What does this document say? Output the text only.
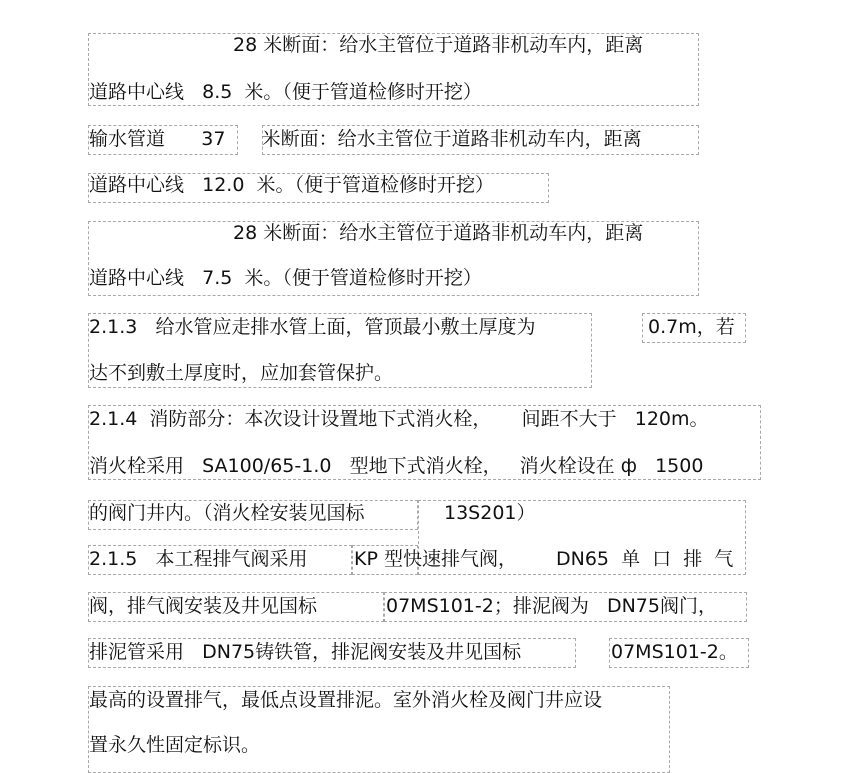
28 米断面：给水主管位于道路非机动车内，距离
道路中心线   8.5  米。（便于管道检修时开挖）
输水管道      37      米断面：给水主管位于道路非机动车内，距离
道路中心线   12.0  米。（便于管道检修时开挖）
28 米断面：给水主管位于道路非机动车内，距离
道路中心线   7.5  米。（便于管道检修时开挖）
2.1.3   给水管应走排水管上面，管顶最小敷土厚度为	0.7m，若
达不到敷土厚度时，应加套管保护。
2.1.4  消防部分：本次设计设置地下式消火栓，     间距不大于   120m。
消火栓采用   SA100/65-1.0   型地下式消火栓，   消火栓设在 ф   1500
的阀门井内。（消火栓安装见国标	13S201）
2.1.5   本工程排气阀采用 KP 型快速排气阀， DN65  单  口  排  气
阀，排气阀安装及井见国标	07MS101-2；排泥阀为   DN75阀门，
排泥管采用   DN75铸铁管，排泥阀安装及井见国标	07MS101-2。
最高的设置排气，最低点设置排泥。室外消火栓及阀门井应设
置永久性固定标识。
